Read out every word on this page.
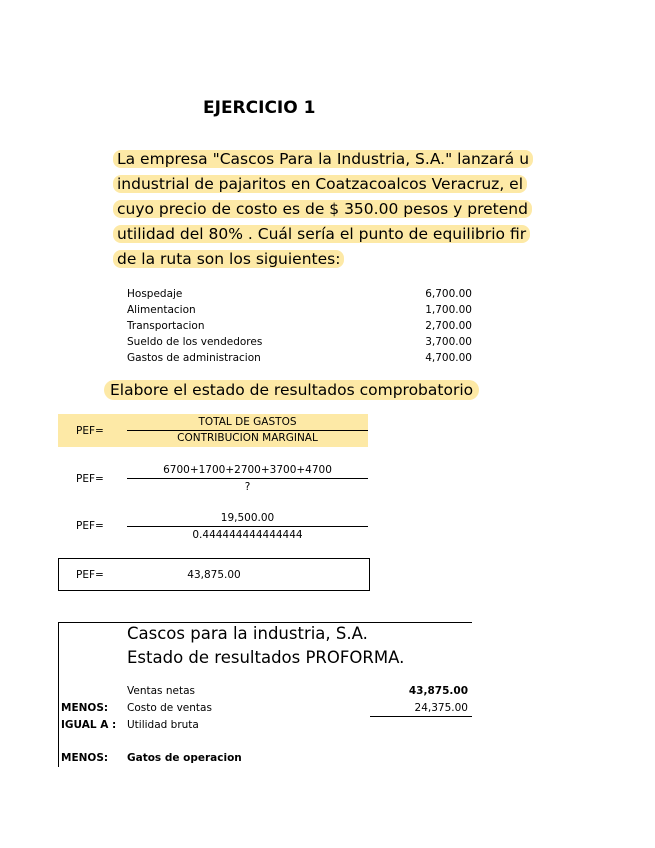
EJERCICIO 1
La empresa "Cascos Para la Industria, S.A." lanzará u
industrial de pajaritos en Coatzacoalcos Veracruz, el
cuyo precio de costo es de $ 350.00 pesos y pretend
utilidad del 80% . Cuál sería el punto de equilibrio fir
de la ruta son los siguientes:
Hospedaje	6,700.00
Alimentacion	1,700.00
Transportacion	2,700.00
Sueldo de los vendedores	3,700.00
Gastos de administracion	4,700.00
Elabore el estado de resultados comprobatorio
PEF=
TOTAL DE GASTOS
CONTRIBUCION MARGINAL
PEF=
6700+1700+2700+3700+4700
?
PEF=
19,500.00
0.444444444444444
PEF=	43,875.00
Cascos para la industria, S.A.
Estado de resultados PROFORMA.
Ventas netas	43,875.00
MENOS: Costo de ventas	24,375.00
IGUAL A : Utilidad bruta
MENOS: Gatos de operacion
